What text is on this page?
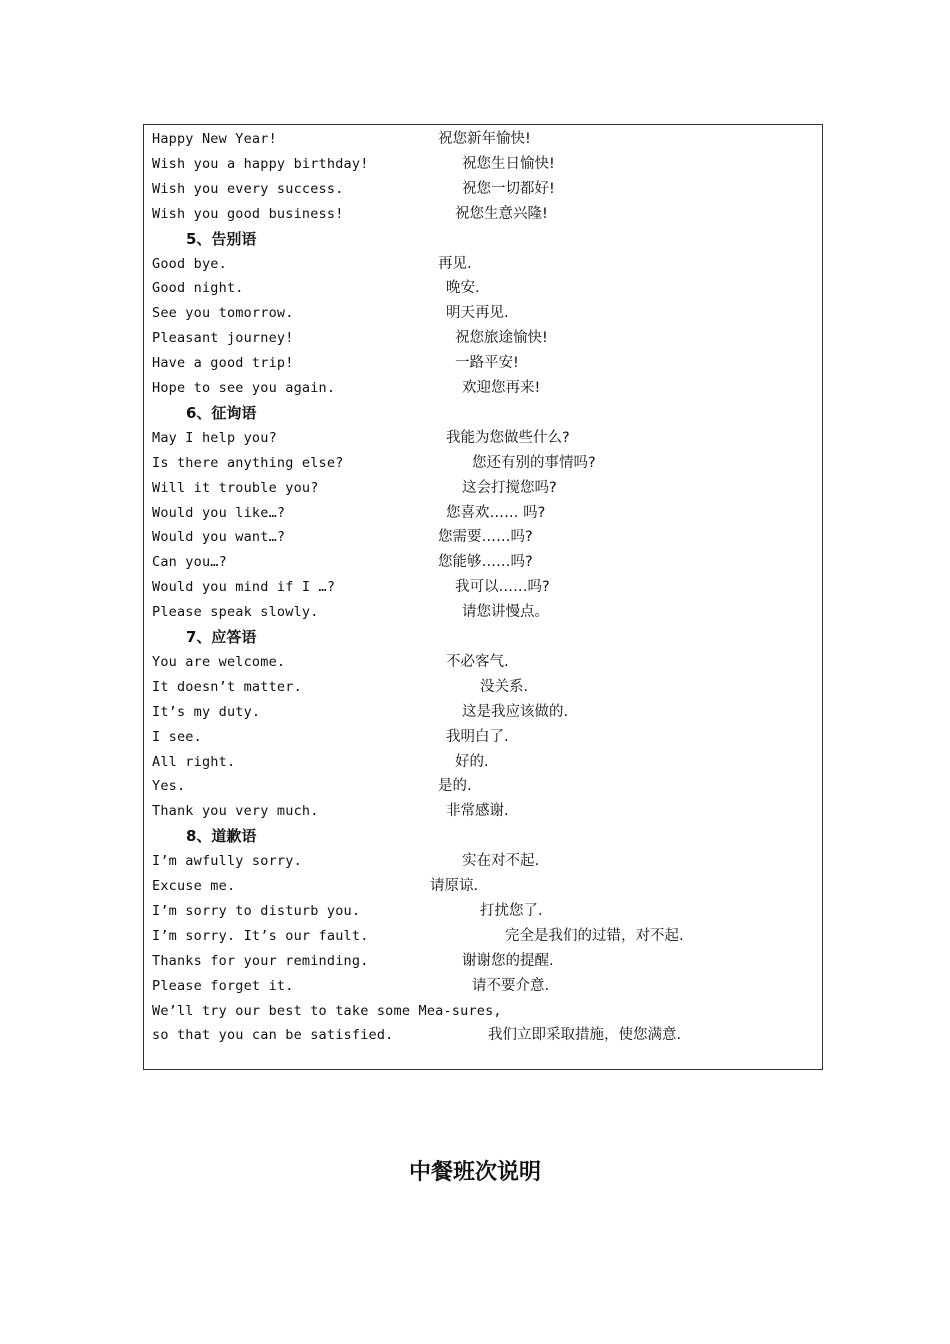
Happy New Year!	祝您新年愉快!
Wish you a happy birthday!	祝您生日愉快!
Wish you every success.	祝您一切都好!
Wish you good business!	祝您生意兴隆!
5、告别语
Good bye.	再见.
Good night.	晚安.
See you tomorrow.	明天再见.
Pleasant journey!	祝您旅途愉快!
Have a good trip!	一路平安!
Hope to see you again.	欢迎您再来!
6、征询语
May I help you?	我能为您做些什么?
Is there anything else?	您还有别的事情吗?
Will it trouble you?	这会打搅您吗?
Would you like…?	您喜欢…… 吗?
Would you want…?	您需要……吗?
Can you…?	您能够……吗?
Would you mind if I …?	我可以……吗?
Please speak slowly.	请您讲慢点。
7、应答语
You are welcome.	不必客气.
It doesn’t matter.	没关系.
It’s my duty.	这是我应该做的.
I see.	我明白了.
All right.	好的.
Yes.	是的.
Thank you very much.	非常感谢.
8、道歉语
I’m awfully sorry.	实在对不起.
Excuse me.	请原谅.
I’m sorry to disturb you.	打扰您了.
I’m sorry. It’s our fault.	完全是我们的过错，对不起.
Thanks for your reminding.	谢谢您的提醒.
Please forget it.	请不要介意.
We’ll try our best to take some Mea-sures,
so that you can be satisfied.	我们立即采取措施，使您满意.
中餐班次说明
